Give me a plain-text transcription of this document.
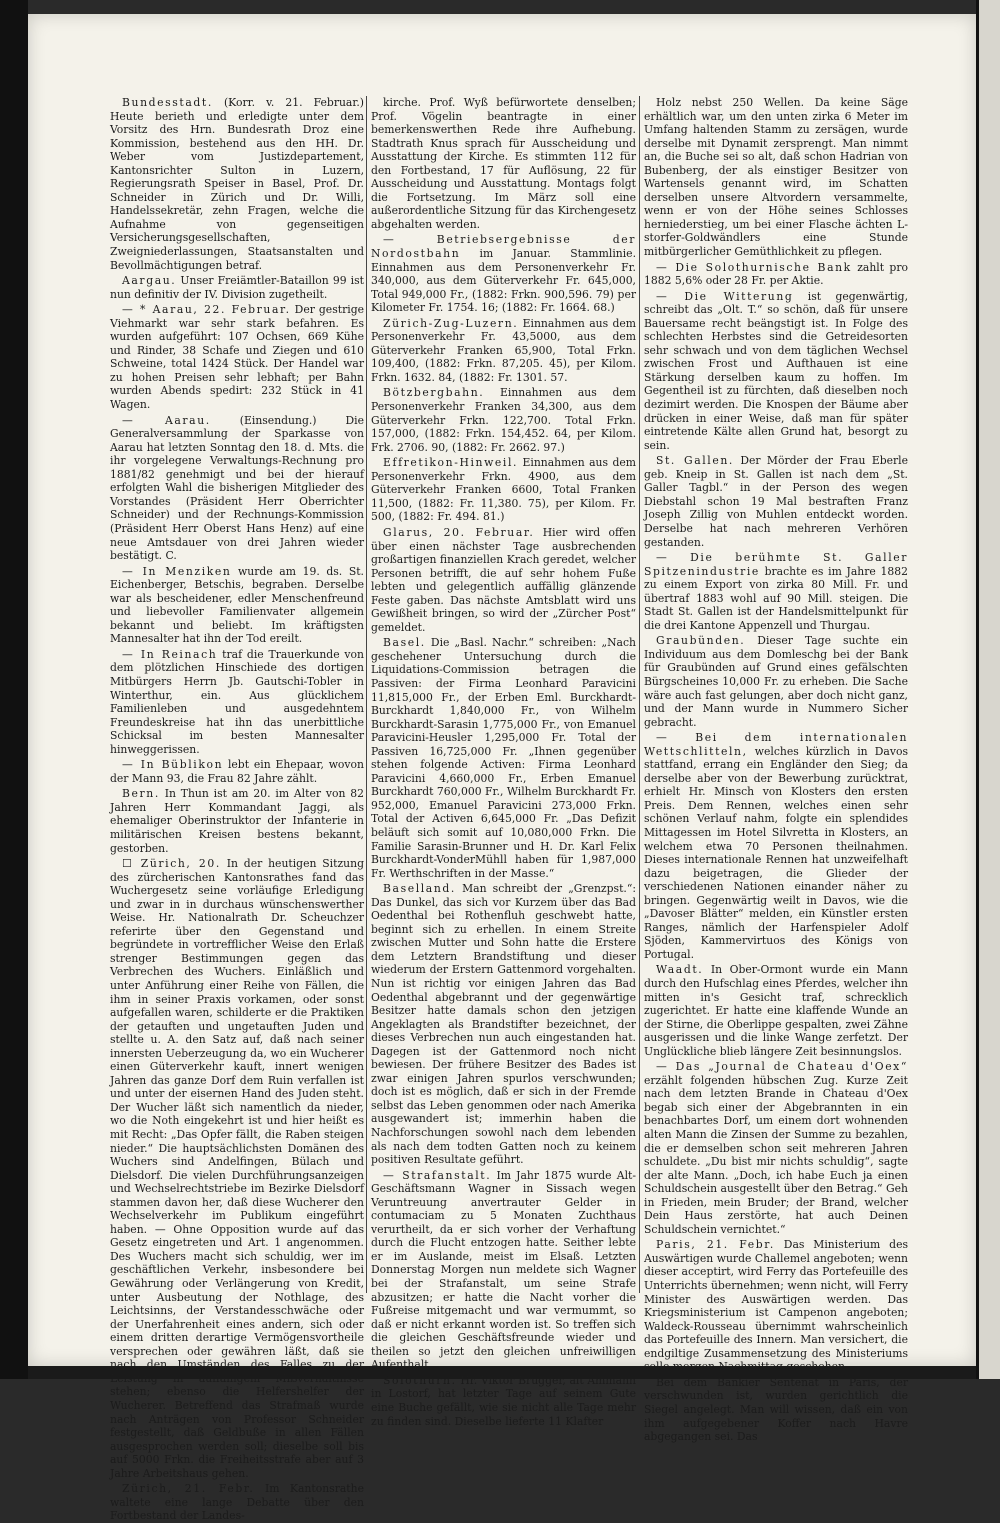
Bundesstadt. (Korr. v. 21. Februar.) Heute beriet​h und erledigte unter dem Vorsitz des Hrn. Bundesrath Droz eine Kommission, bestehend aus den HH. Dr. Weber vom Justizdepartement, Kantonsrichter Sulton in Luzern, Regierungsrath Speiser in Basel, Prof. Dr. Schneider in Zürich und Dr. Willi, Handelssekretär, zehn Fragen, welche die Aufnahme von gegenseitigen Versicherungsgesellschaften, Zweigniederlassungen, Staatsanstalten und Bevollmächtigungen betraf.

Aargau. Unser Freiämtler-Bataillon 99 ist nun definitiv der IV. Division zugetheilt.

— * Aarau, 22. Februar. Der gestrige Viehmarkt war sehr stark befahren. Es wurden aufgeführt: 107 Ochsen, 669 Kühe und Rinder, 38 Schafe und Ziegen und 610 Schweine, total 1424 Stück. Der Handel war zu hohen Preisen sehr lebhaft; per Bahn wurden Abends spedirt: 232 Stück in 41 Wagen.

— Aarau.	(Einsendung.) Die Generalversammlung der Sparkasse von Aarau hat letzten Sonntag den 18. d. Mts. die ihr vorgelegene Verwaltungs-Rechnung pro 1881/82 genehmigt und bei der hierauf erfolgten Wahl die bisherigen Mitglieder des Vorstandes (Präsident Herr Oberrichter Schneider) und der Rechnungs-Kommission (Präsident Herr Oberst Hans Henz) auf eine neue Amtsdauer von drei Jahren wieder bestätigt. C.

— In Menziken wurde am 19. ds. St. Eichenberger, Betschis, begraben. Derselbe war als bescheidener, edler Menschenfreund und liebevoller Familienvater allgemein bekannt und beliebt. Im kräftigsten Mannesalter hat ihn der Tod ereilt.

— In Reinach traf die Trauerkunde von dem plötzlichen Hinschiede des dortigen Mitbürgers Herrn Jb. Gautschi-Tobler in Winterthur, ein. Aus glücklichem Familienleben und ausgedehntem Freundeskreise hat ihn das unerbittliche Schicksal im besten Mannesalter hinweggerissen.

— In Büblikon lebt ein Ehepaar, wovon der Mann 93, die Frau 82 Jahre zählt.

Bern. In Thun ist am 20. im Alter von 82 Jahren Herr Kommandant Jaggi, als ehemaliger Oberinstruktor der Infanterie in militärischen Kreisen bestens bekannt, gestorben.

☐ Zürich, 20. In der heutigen Sitzung des zürcherischen Kantonsrathes fand das Wuchergesetz seine vorläufige Erledigung und zwar in in durchaus wünschenswerther Weise. Hr. Nationalrath Dr. Scheuchzer referirte über den Gegenstand und begründete in vortrefflicher Weise den Erlaß strenger Bestimmungen gegen das Verbrechen des Wuchers. Einläßlich und unter Anführung einer Reihe von Fällen, die ihm in seiner Praxis vorkamen, oder sonst aufgefallen waren, schilderte er die Praktiken der getauften und ungetauften Juden und stellte u. A. den Satz auf, daß nach seiner innersten Ueberzeugung da, wo ein Wucherer einen Güterverkehr kauft, innert wenigen Jahren das ganze Dorf dem Ruin verfallen ist und unter der eisernen Hand des Juden steht. Der Wucher läßt sich namentlich da nieder, wo die Noth eingekehrt ist und hier heißt es mit Recht: „Das Opfer fällt, die Raben steigen nieder.“ Die hauptsächlichsten Domänen des Wuchers sind Andelfingen, Bülach und Dielsdorf. Die vielen Durchführungsanzeigen und Wechselrechtstriebe im Bezirke Dielsdorf stammen davon her, daß diese Wucherer den Wechselverkehr im Publikum eingeführt haben. — Ohne Opposition wurde auf das Gesetz eingetreten und Art. 1 angenommen. Des Wuchers macht sich schuldig, wer im geschäftlichen Verkehr, insbesondere bei Gewährung oder Verlängerung von Kredit, unter Ausbeutung der Nothlage, des Leichtsinns, der Verstandesschwäche oder der Unerfahrenheit eines andern, sich oder einem dritten derartige Vermögensvortheile versprechen oder gewähren läßt, daß sie nach den Umständen des Falles zu der Leistung in auffälligem Mißverhältnisse stehen; ebenso die Helfershelfer der Wucherer. Betreffend das Strafmaß wurde nach Anträgen von Professor Schneider festgestellt, daß Geldbuße in allen Fällen ausgesprochen werden soll; dieselbe soll bis auf 5000 Frkn. die Freiheitsstrafe aber auf 3 Jahre Arbeitshaus gehen.

Zürich, 21. Febr. Im Kantonsrathe waltete eine lange Debatte über den Fortbestand der Landes-

kirche. Prof. Wyß befürwortete denselben; Prof. Vögelin beantragte in einer bemerkenswerthen Rede ihre Aufhebung. Stadtrath Knus sprach für Ausscheidung und Ausstattung der Kirche. Es stimmten 112 für den Fortbestand, 17 für Auflösung, 22 für Ausscheidung und Ausstattung. Montags folgt die Fortsetzung. Im März soll eine außerordentliche Sitzung für das Kirchengesetz abgehalten werden.

— Betriebsergebnisse der Nordostbahn im Januar. Stammlinie. Einnahmen aus dem Personenverkehr Fr. 340,000, aus dem Güterverkehr Fr. 645,000, Total 949,000 Fr., (1882: Frkn. 900,596. 79) per Kilometer Fr. 1754. 16; (1882: Fr. 1664. 68.)

Zürich-Zug-Luzern. Einnahmen aus dem Personenverkehr Fr. 43,5000, aus dem Güterverkehr Franken 65,900, Total Frkn. 109,400, (1882: Frkn. 87,205. 45), per Kilom. Frkn. 1632. 84, (1882: Fr. 1301. 57.

Bötzbergbahn. Einnahmen aus dem Personenverkehr Franken 34,300, aus dem Güterverkehr Frkn. 122,700. Total Frkn. 157,000, (1882: Frkn. 154,452. 64, per Kilom. Frk. 2706. 90, (1882: Fr. 2662. 97.)

Effretikon-Hinweil. Einnahmen aus dem Personenverkehr Frkn. 4900, aus dem Güterverkehr Franken 6600, Total Franken 11,500, (1882: Fr. 11,380. 75), per Kilom. Fr. 500, (1882: Fr. 494. 81.)

Glarus, 20. Februar. Hier wird offen über einen nächster Tage ausbrechenden großartigen finanziellen Krach geredet, welcher Personen betrifft, die auf sehr hohem Fuße lebten und gelegentlich auffällig glänzende Feste gaben. Das nächste Amtsblatt wird uns Gewißheit bringen, so wird der „Zürcher Post“ gemeldet.

Basel. Die „Basl. Nachr.“ schreiben: „Nach geschehener Untersuchung durch die Liquidations-Commission betragen die Passiven: der Firma Leonhard Paravicini 11,815,000 Fr., der Erben Eml. Burckhardt-Burckhardt 1,840,000 Fr., von Wilhelm Burckhardt-Sarasin 1,775,000 Fr., von Emanuel Paravicini-Heusler 1,295,000 Fr. Total der Passiven 16,725,000 Fr. „Ihnen gegenüber stehen folgende Activen: Firma Leonhard Paravicini 4,660,000 Fr., Erben Emanuel Burckhardt 760,000 Fr., Wilhelm Burckhardt Fr. 952,000, Emanuel Paravicini 273,000 Frkn. Total der Activen 6,645,000 Fr. „Das Defizit beläuft sich somit auf 10,080,000 Frkn. Die Familie Sarasin-Brunner und H. Dr. Karl Felix Burckhardt-VonderMühll haben für 1,987,000 Fr. Werthschriften in der Masse.“

Baselland. Man schreibt der „Grenzpst.“: Das Dunkel, das sich vor Kurzem über das Bad Oedenthal bei Rothenfluh geschwebt hatte, beginnt sich zu erhellen. In einem Streite zwischen Mutter und Sohn hatte die Erstere dem Letztern Brandstiftung und dieser wiederum der Erstern Gattenmord vorgehalten. Nun ist richtig vor einigen Jahren das Bad Oedenthal abgebrannt und der gegenwärtige Besitzer hatte damals schon den jetzigen Angeklagten als Brandstifter bezeichnet, der dieses Verbrechen nun auch eingestanden hat. Dagegen ist der Gattenmord noch nicht bewiesen. Der frühere Besitzer des Bades ist zwar einigen Jahren spurlos verschwunden; doch ist es möglich, daß er sich in der Fremde selbst das Leben genommen oder nach Amerika ausgewandert ist; immerhin haben die Nachforschungen sowohl nach dem lebenden als nach dem todten Gatten noch zu keinem positiven Resultate geführt.

— Strafanstalt. Im Jahr 1875 wurde Alt-Geschäftsmann Wagner in Sissach wegen Veruntreuung anvertrauter Gelder in contumaciam zu 5 Monaten Zuchthaus verurtheilt, da er sich vorher der Verhaftung durch die Flucht entzogen hatte. Seither lebte er im Auslande, meist im Elsaß. Letzten Donnerstag Morgen nun meldete sich Wagner bei der Strafanstalt, um seine Strafe abzusitzen; er hatte die Nacht vorher die Fußreise mitgemacht und war vermummt, so daß er nicht erkannt worden ist. So treffen sich die gleichen Geschäftsfreunde wieder und theilen so jetzt den gleichen unfreiwilligen Aufenthalt.

Solothurn. Hr. Viktor Brügger, alt Ammann in Lostorf, hat letzter Tage auf seinem Gute eine Buche gefällt, wie sie nicht alle Tage mehr zu finden sind. Dieselbe lieferte 11 Klafter

Holz nebst 250 Wellen. Da keine Säge erhältlich war, um den unten zirka 6 Meter im Umfang haltenden Stamm zu zersägen, wurde derselbe mit Dynamit zersprengt. Man nimmt an, die Buche sei so alt, daß schon Hadrian von Bubenberg, der als einstiger Besitzer von Wartensels genannt wird, im Schatten derselben unsere Altvordern versammelte, wenn er von der Höhe seines Schlosses herniederstieg, um bei einer Flasche ächten L-storfer-Goldwändlers eine Stunde mitbürgerlicher Gemüthlichkeit zu pflegen.

— Die Solothurnische Bank zahlt pro 1882 5,6% oder 28 Fr. per Aktie.

— Die Witterung ist gegenwärtig, schreibt das „Olt. T.“ so schön, daß für unsere Bauersame recht beängstigt ist. In Folge des schlechten Herbstes sind die Getreidesorten sehr schwach und von dem täglichen Wechsel zwischen Frost und Aufthauen ist eine Stärkung derselben kaum zu hoffen. Im Gegentheil ist zu fürchten, daß dieselben noch dezimirt werden. Die Knospen der Bäume aber drücken in einer Weise, daß man für später eintretende Kälte allen Grund hat, besorgt zu sein.

St. Gallen. Der Mörder der Frau Eberle geb. Kneip in St. Gallen ist nach dem „St. Galler Tagbl.“ in der Person des wegen Diebstahl schon 19 Mal bestraften Franz Joseph Zillig von Muhlen entdeckt worden. Derselbe hat nach mehreren Verhören gestanden.

— Die berühmte St. Galler Spitzenindustrie brachte es im Jahre 1882 zu einem Export von zirka 80 Mill. Fr. und übertraf 1883 wohl auf 90 Mill. steigen. Die Stadt St. Gallen ist der Handelsmittelpunkt für die drei Kantone Appenzell und Thurgau.

Graubünden. Dieser Tage suchte ein Individuum aus dem Domleschg bei der Bank für Graubünden auf Grund eines gefälschten Bürgscheines 10,000 Fr. zu erheben. Die Sache wäre auch fast gelungen, aber doch nicht ganz, und der Mann wurde in Nummero Sicher gebracht.

— Bei dem internationalen Wettschlitteln, welches kürzlich in Davos stattfand, errang ein Engländer den Sieg; da derselbe aber von der Bewerbung zurücktrat, erhielt Hr. Minsch von Klosters den ersten Preis. Dem Rennen, welches einen sehr schönen Verlauf nahm, folgte ein splendides Mittagessen im Hotel Silvretta in Klosters, an welchem etwa 70 Personen theilnahmen. Dieses internationale Rennen hat unzweifelhaft dazu beigetragen, die Glieder der verschiedenen Nationen einander näher zu bringen. Gegenwärtig weilt in Davos, wie die „Davoser Blätter“ melden, ein Künstler ersten Ranges, nämlich der Harfenspieler Adolf Sjöden, Kammervirtuos des Königs von Portugal.

Waadt. In Ober-Ormont wurde ein Mann durch den Hufschlag eines Pferdes, welcher ihn mitten in's Gesicht traf, schrecklich zugerichtet. Er hatte eine klaffende Wunde an der Stirne, die Oberlippe gespalten, zwei Zähne ausgerissen und die linke Wange zerfetzt. Der Unglückliche blieb längere Zeit besinnungslos.

— Das „Journal de Chateau d'Oex“ erzählt folgenden hübschen Zug. Kurze Zeit nach dem letzten Brande in Chateau d'Oex begab sich einer der Abgebrannten in ein benachbartes Dorf, um einem dort wohnenden alten Mann die Zinsen der Summe zu bezahlen, die er demselben schon seit mehreren Jahren schuldete. „Du bist mir nichts schuldig“, sagte der alte Mann. „Doch, ich habe Euch ja einen Schuldschein ausgestellt über den Betrag.“ Geh in Frieden, mein Bruder; der Brand, welcher Dein Haus zerstörte, hat auch Deinen Schuldschein vernichtet.“

Paris, 21. Febr. Das Ministerium des Auswärtigen wurde Challemel angeboten; wenn dieser acceptirt, wird Ferry das Portefeuille des Unterrichts übernehmen; wenn nicht, will Ferry Minister des Auswärtigen werden. Das Kriegsministerium ist Campenon angeboten; Waldeck-Rousseau übernimmt wahrscheinlich das Portefeuille des Innern. Man versichert, die endgiltige Zusammensetzung des Ministeriums solle morgen Nachmittag geschehen.

Bei dem Bankier Sentenat in Paris, der verschwunden ist, wurden gerichtlich die Siegel angelegt. Man will wissen, daß ein von ihm aufgegebener Koffer nach Havre abgegangen sei. Das
